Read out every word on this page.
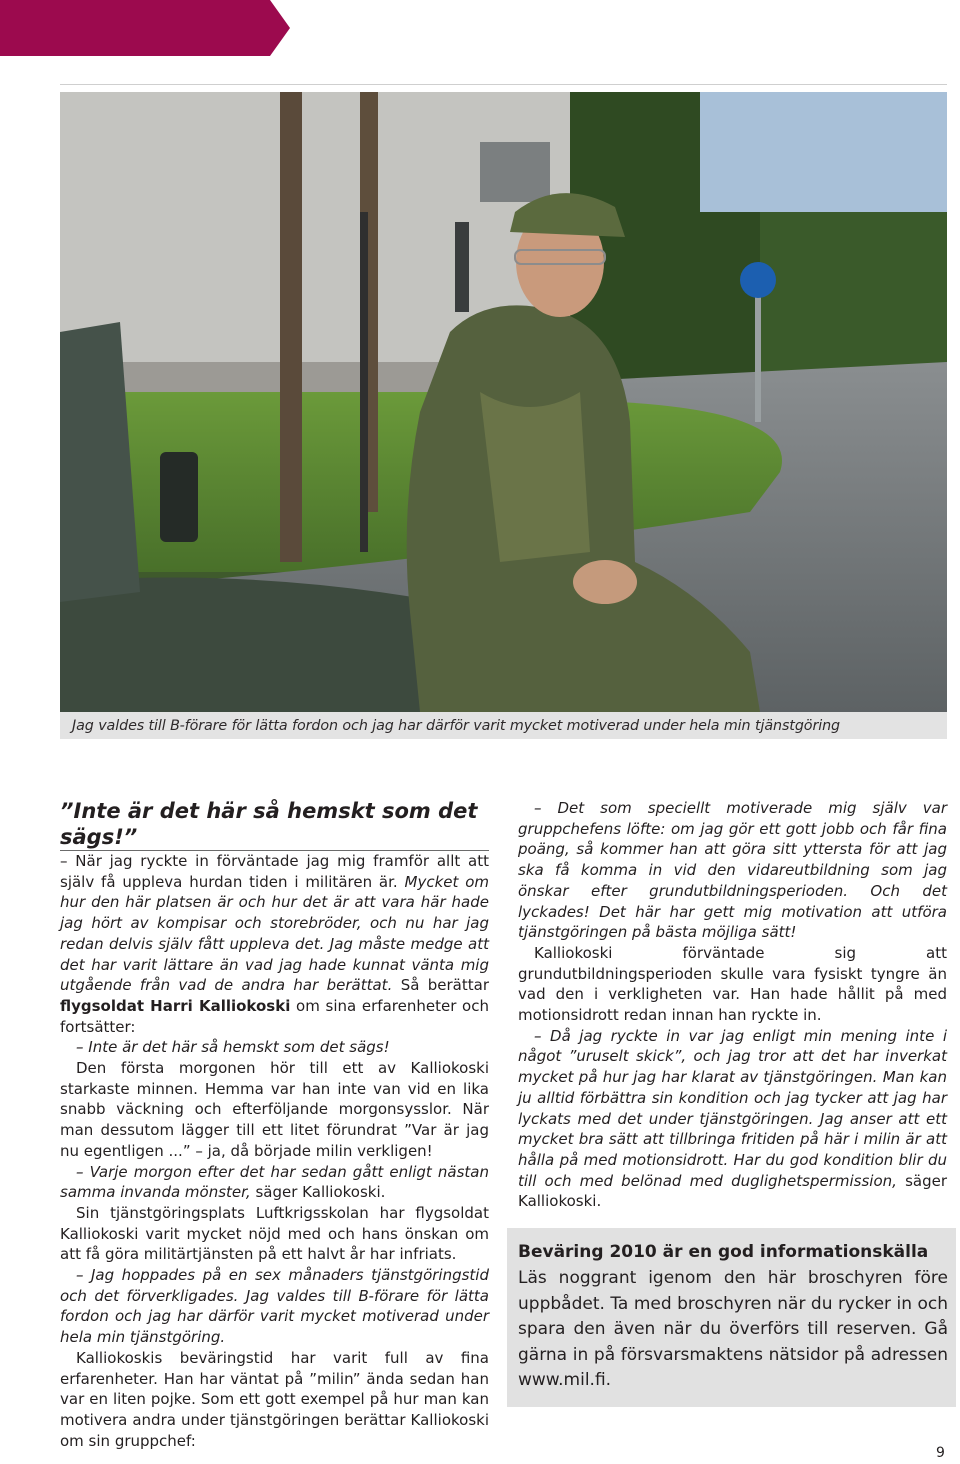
Jag valdes till B-förare för lätta fordon och jag har därför varit mycket motiverad under hela min tjänstgöring
”Inte är det här så hemskt som det sägs!”

– När jag ryckte in förväntade jag mig framför allt att själv få uppleva hurdan tiden i militären är. Mycket om hur den här platsen är och hur det är att vara här hade jag hört av kompisar och storebröder, och nu har jag redan delvis själv fått uppleva det. Jag måste medge att det har varit lättare än vad jag hade kunnat vänta mig utgående från vad de andra har berättat. Så berättar flygsoldat Harri Kalliokoski om sina erfarenheter och fortsätter:

– Inte är det här så hemskt som det sägs!

Den första morgonen hör till ett av Kalliokoski starkaste minnen. Hemma var han inte van vid en lika snabb väckning och efterföljande morgonsysslor. När man dessutom lägger till ett litet förundrat ”Var är jag nu egentligen ...” – ja, då började milin verkligen!

– Varje morgon efter det har sedan gått enligt nästan samma invanda mönster, säger Kalliokoski.

Sin tjänstgöringsplats Luftkrigsskolan har flygsoldat Kalliokoski varit mycket nöjd med och hans önskan om att få göra militärtjänsten på ett halvt år har infriats.

– Jag hoppades på en sex månaders tjänstgöringstid och det förverkligades. Jag valdes till B-förare för lätta fordon och jag har därför varit mycket motiverad under hela min tjänstgöring.

Kalliokoskis beväringstid har varit full av fina erfarenheter. Han har väntat på ”milin” ända sedan han var en liten pojke. Som ett gott exempel på hur man kan motivera andra under tjänstgöringen berättar Kalliokoski om sin gruppchef:

– Det som speciellt motiverade mig själv var gruppchefens löfte: om jag gör ett gott jobb och får fina poäng, så kommer han att göra sitt yttersta för att jag ska få komma in vid den vidareutbildning som jag önskar efter grundutbildningsperioden. Och det lyckades! Det här har gett mig motivation att utföra tjänstgöringen på bästa möjliga sätt!

Kalliokoski förväntade sig att grundutbildningsperioden skulle vara fysiskt tyngre än vad den i verkligheten var. Han hade hållit på med motionsidrott redan innan han ryckte in.

– Då jag ryckte in var jag enligt min mening inte i något ”uruselt skick”, och jag tror att det har inverkat mycket på hur jag har klarat av tjänstgöringen. Man kan ju alltid förbättra sin kondition och jag tycker att jag har lyckats med det under tjänstgöringen. Jag anser att ett mycket bra sätt att tillbringa fritiden på här i milin är att hålla på med motionsidrott. Har du god kondition blir du till och med belönad med duglighetspermission, säger Kalliokoski.

Beväring 2010 är en god informationskälla
Läs noggrant igenom den här broschyren före uppbådet. Ta med broschyren när du rycker in och spara den även när du överförs till reserven. Gå gärna in på försvarsmaktens nätsidor på adressen www.mil.fi.
9
